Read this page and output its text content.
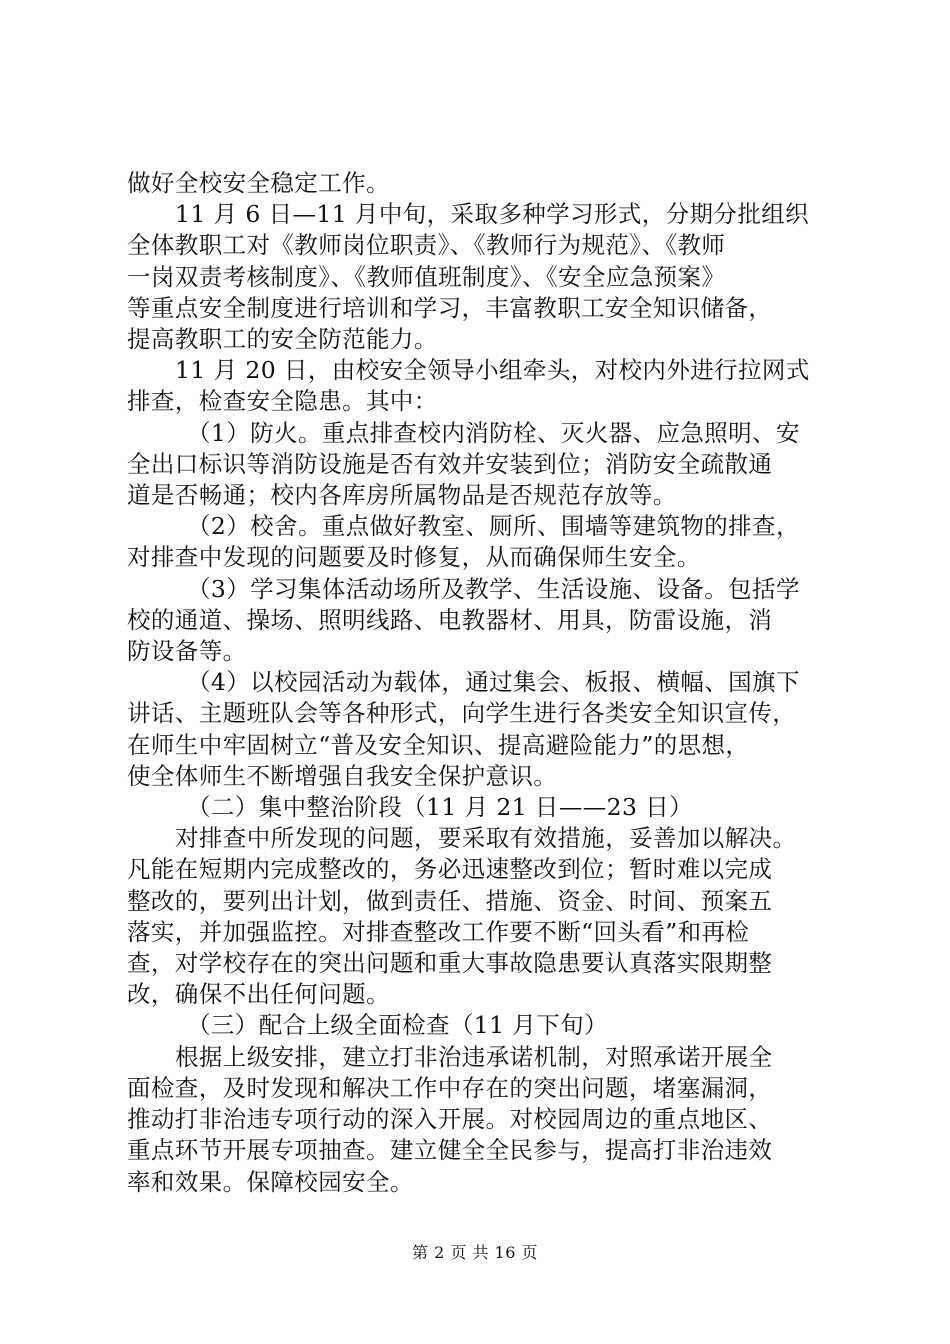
做好全校安全稳定工作。
11 月 6 日—11 月中旬，采取多种学习形式，分期分批组织
全体教职工对《教师岗位职责》、《教师行为规范》、《教师
一岗双责考核制度》、《教师值班制度》、《安全应急预案》
等重点安全制度进行培训和学习，丰富教职工安全知识储备，
提高教职工的安全防范能力。
11 月 20 日，由校安全领导小组牵头，对校内外进行拉网式
排查，检查安全隐患。其中：
（1）防火。重点排查校内消防栓、灭火器、应急照明、安
全出口标识等消防设施是否有效并安装到位；消防安全疏散通
道是否畅通；校内各库房所属物品是否规范存放等。
（2）校舍。重点做好教室、厕所、围墙等建筑物的排查，
对排查中发现的问题要及时修复，从而确保师生安全。
（3）学习集体活动场所及教学、生活设施、设备。包括学
校的通道、操场、照明线路、电教器材、用具，防雷设施，消
防设备等。
（4）以校园活动为载体，通过集会、板报、横幅、国旗下
讲话、主题班队会等各种形式，向学生进行各类安全知识宣传，
在师生中牢固树立“普及安全知识、提高避险能力”的思想，
使全体师生不断增强自我安全保护意识。
（二）集中整治阶段（11 月 21 日——23 日）
对排查中所发现的问题，要采取有效措施，妥善加以解决。
凡能在短期内完成整改的，务必迅速整改到位；暂时难以完成
整改的，要列出计划，做到责任、措施、资金、时间、预案五
落实，并加强监控。对排查整改工作要不断“回头看”和再检
查，对学校存在的突出问题和重大事故隐患要认真落实限期整
改，确保不出任何问题。
（三）配合上级全面检查（11 月下旬）
根据上级安排，建立打非治违承诺机制，对照承诺开展全
面检查，及时发现和解决工作中存在的突出问题，堵塞漏洞，
推动打非治违专项行动的深入开展。对校园周边的重点地区、
重点环节开展专项抽查。建立健全全民参与，提高打非治违效
率和效果。保障校园安全。
第 2 页 共 16 页
